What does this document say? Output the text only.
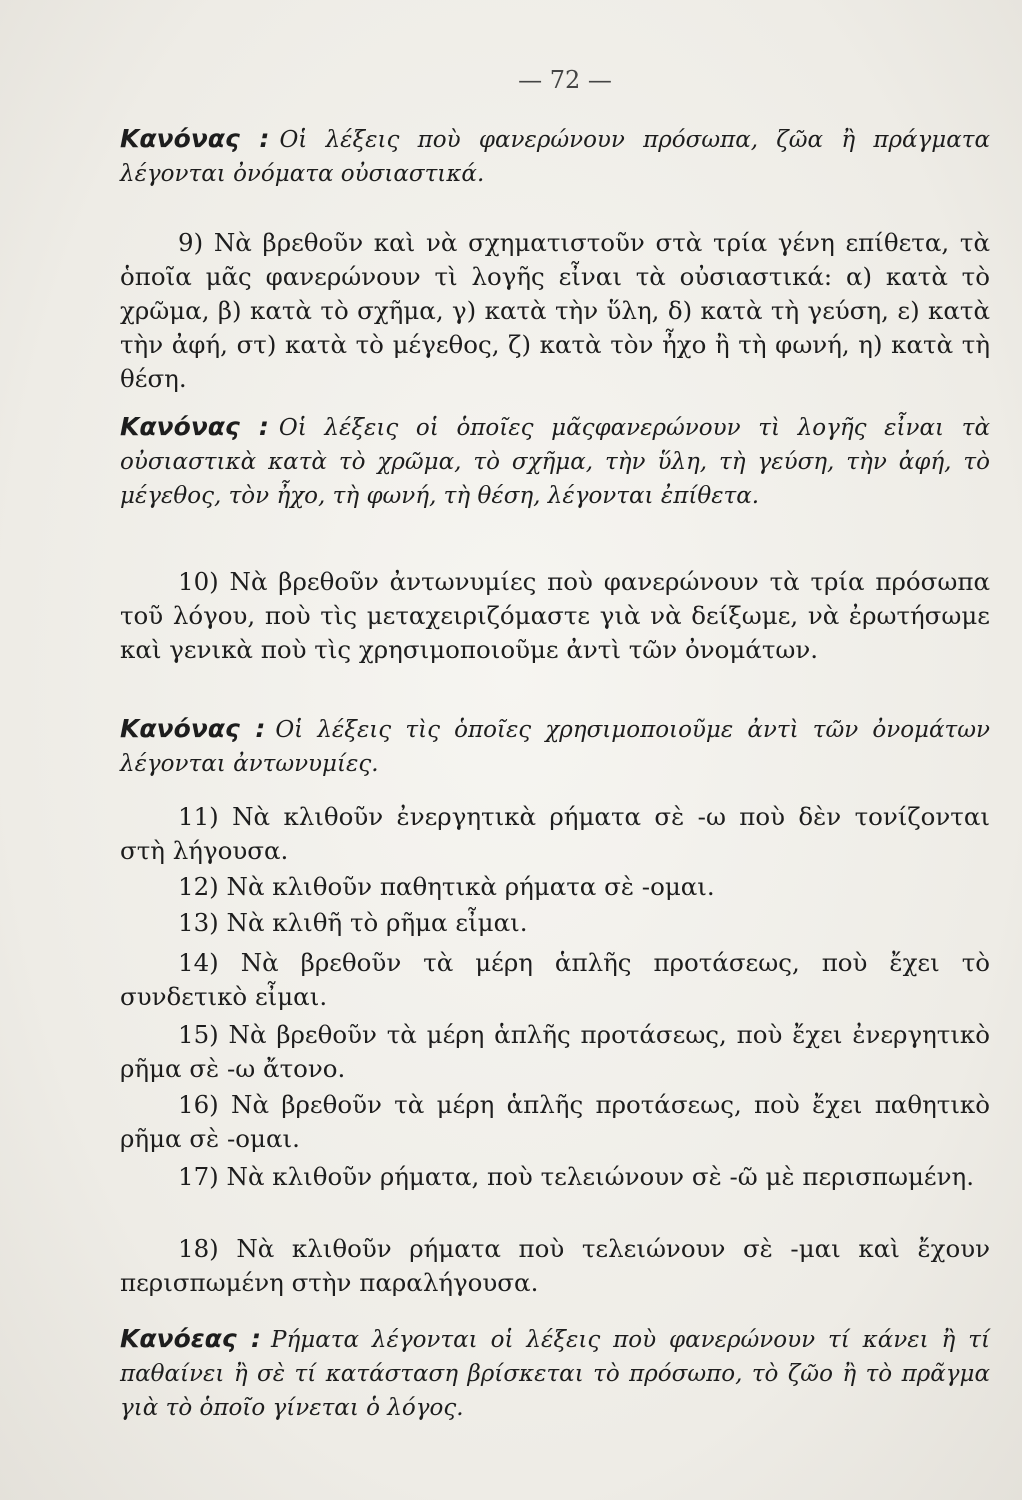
— 72 —

Κανόνας : Οἱ λέξεις ποὺ φανερώνουν πρόσωπα, ζῶα ἢ πράγματα λέγονται ὀνόματα οὐσιαστικά.

9) Νὰ βρεθοῦν καὶ νὰ σχηματιστοῦν στὰ τρία γένη επίθετα, τὰ ὁποῖα μᾶς φανερώνουν τὶ λογῆς εἶναι τὰ οὐσιαστικά: α) κατὰ τὸ χρῶμα, β) κατὰ τὸ σχῆμα, γ) κατὰ τὴν ὕλη, δ) κατὰ τὴ γεύση, ε) κατὰ τὴν ἀφή, στ) κατὰ τὸ μέγεθος, ζ) κατὰ τὸν ἦχο ἢ τὴ φωνή, η) κατὰ τὴ θέση.

Κανόνας : Οἱ λέξεις οἱ ὁποῖες μᾶςφανερώνουν τὶ λογῆς εἶναι τὰ οὐσιαστικὰ κατὰ τὸ χρῶμα, τὸ σχῆμα, τὴν ὕλη, τὴ γεύση, τὴν ἀφή, τὸ μέγεθος, τὸν ἦχο, τὴ φωνή, τὴ θέση, λέγονται ἐπίθετα.

10) Νὰ βρεθοῦν ἀντωνυμίες ποὺ φανερώνουν τὰ τρία πρόσωπα τοῦ λόγου, ποὺ τὶς μεταχειριζόμαστε γιὰ νὰ δείξωμε, νὰ ἐρωτήσωμε καὶ γενικὰ ποὺ τὶς χρησιμοποιοῦμε ἀντὶ τῶν ὀνομάτων.

Κανόνας : Οἱ λέξεις τὶς ὁποῖες χρησιμοποιοῦμε ἀντὶ τῶν ὀνομάτων λέγονται ἀντωνυμίες.

11) Νὰ κλιθοῦν ἐνεργητικὰ ρήματα σὲ -ω ποὺ δὲν τονίζονται στὴ λήγουσα.

12) Νὰ κλιθοῦν παθητικὰ ρήματα σὲ -ομαι.

13) Νὰ κλιθῆ τὸ ρῆμα εἶμαι.

14) Νὰ βρεθοῦν τὰ μέρη ἁπλῆς προτάσεως, ποὺ ἔχει τὸ συνδετικὸ εἶμαι.

15) Νὰ βρεθοῦν τὰ μέρη ἁπλῆς προτάσεως, ποὺ ἔχει ἐνεργητικὸ ρῆμα σὲ -ω ἄτονο.

16) Νὰ βρεθοῦν τὰ μέρη ἁπλῆς προτάσεως, ποὺ ἔχει παθητικὸ ρῆμα σὲ -ομαι.

17) Νὰ κλιθοῦν ρήματα, ποὺ τελειώνουν σὲ -ῶ μὲ περισπωμένη.

18) Νὰ κλιθοῦν ρήματα ποὺ τελειώνουν σὲ -μαι καὶ ἔχουν περισπωμένη στὴν παραλήγουσα.

Κανόεας : Ρήματα λέγονται οἱ λέξεις ποὺ φανερώνουν τί κάνει ἢ τί παθαίνει ἢ σὲ τί κατάσταση βρίσκεται τὸ πρόσωπο, τὸ ζῶο ἢ τὸ πρᾶγμα γιὰ τὸ ὁποῖο γίνεται ὁ λόγος.
